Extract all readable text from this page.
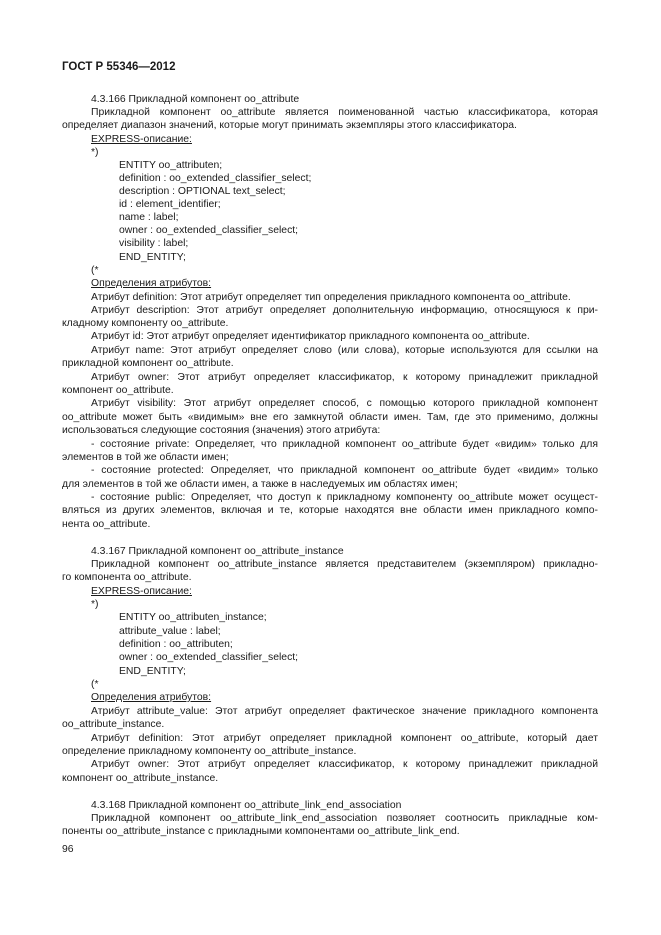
ГОСТ Р 55346—2012
4.3.166 Прикладной компонент oo_attribute
Прикладной компонент oo_attribute является поименованной частью классификатора, которая
определяет диапазон значений, которые могут принимать экземпляры этого классификатора.
EXPRESS-описание:
*)
ENTITY oo_attributen;
definition : oo_extended_classifier_select;
description : OPTIONAL text_select;
id : element_identifier;
name : label;
owner : oo_extended_classifier_select;
visibility : label;
END_ENTITY;
(*
Определения атрибутов:
Атрибут definition: Этот атрибут определяет тип определения прикладного компонента oo_attribute.
Атрибут description: Этот атрибут определяет дополнительную информацию, относящуюся к при-
кладному компоненту oo_attribute.
Атрибут id: Этот атрибут определяет идентификатор прикладного компонента oo_attribute.
Атрибут name: Этот атрибут определяет слово (или слова), которые используются для ссылки на
прикладной компонент oo_attribute.
Атрибут owner: Этот атрибут определяет классификатор, к которому принадлежит прикладной
компонент oo_attribute.
Атрибут visibility: Этот атрибут определяет способ, с помощью которого прикладной компонент
oo_attribute может быть «видимым» вне его замкнутой области имен. Там, где это применимо, должны
использоваться следующие состояния (значения) этого атрибута:
- состояние private: Определяет, что прикладной компонент oo_attribute будет «видим» только для
элементов в той же области имен;
- состояние protected: Определяет, что прикладной компонент oo_attribute будет «видим» только
для элементов в той же области имен, а также в наследуемых им областях имен;
- состояние public: Определяет, что доступ к прикладному компоненту oo_attribute может осущест-
вляться из других элементов, включая и те, которые находятся вне области имен прикладного компо-
нента oo_attribute.
4.3.167 Прикладной компонент oo_attribute_instance
Прикладной компонент oo_attribute_instance является представителем (экземпляром) прикладно-
го компонента oo_attribute.
EXPRESS-описание:
*)
ENTITY oo_attributen_instance;
attribute_value : label;
definition : oo_attributen;
owner : oo_extended_classifier_select;
END_ENTITY;
(*
Определения атрибутов:
Атрибут attribute_value: Этот атрибут определяет фактическое значение прикладного компонента
oo_attribute_instance.
Атрибут definition: Этот атрибут определяет прикладной компонент oo_attribute, который дает
определение прикладному компоненту oo_attribute_instance.
Атрибут owner: Этот атрибут определяет классификатор, к которому принадлежит прикладной
компонент oo_attribute_instance.
4.3.168 Прикладной компонент oo_attribute_link_end_association
Прикладной компонент oo_attribute_link_end_association позволяет соотносить прикладные ком-
поненты oo_attribute_instance с прикладными компонентами oo_attribute_link_end.
96
